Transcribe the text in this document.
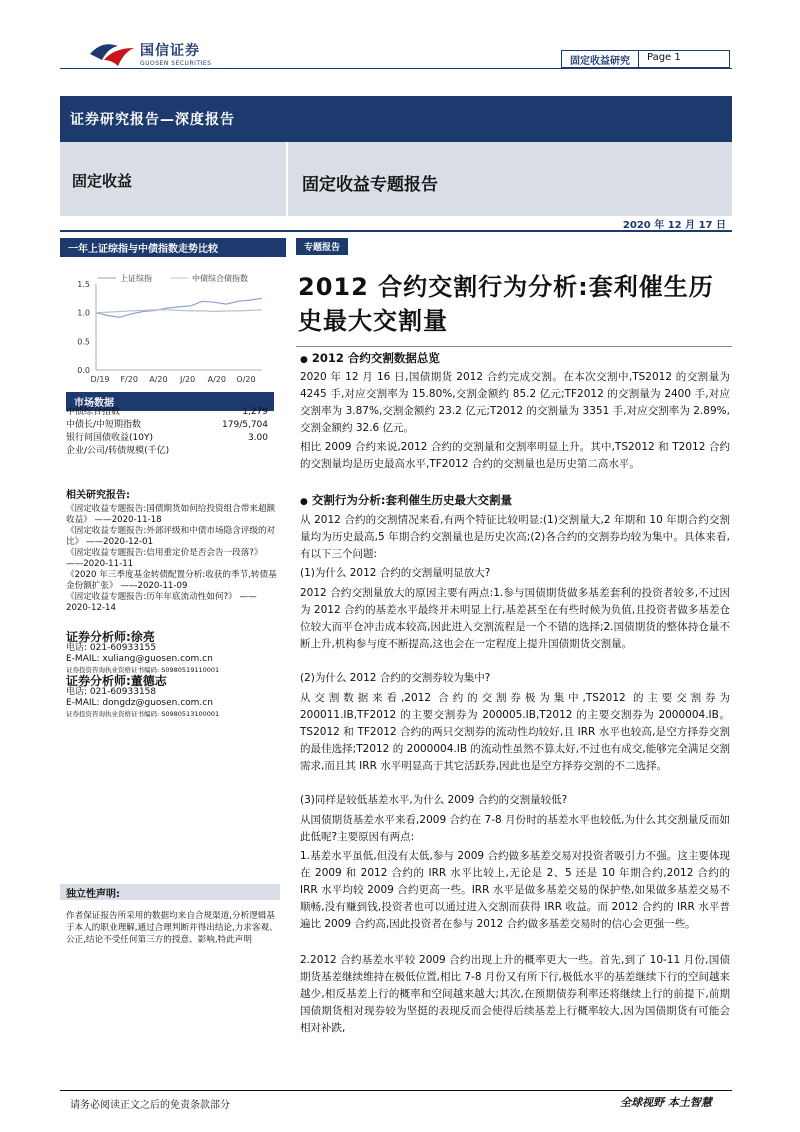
国信证券
GUOSEN SECURITIES	固定收益研究	Page 1
证券研究报告—深度报告
固定收益	固定收益专题报告
2020 年 12 月 17 日
一年上证综指与中债指数走势比较
上证综指	中债综合债指数
0.0
0.5
1.0
1.5
D/19 F/20 A/20 J/20 A/20 O/20
市场数据
中债综合指数	1,279
中债长/中短期指数	179/5,704
银行间国债收益(10Y)	3.00
企业/公司/转债规模(千亿)
相关研究报告:
《固定收益专题报告:国债期货如何给投资组合带来超额收益》 ——2020-11-18
《固定收益专题报告:外部评级和中债市场隐含评级的对比》 ——2020-12-01
《固定收益专题报告:信用重定价是否会告一段落?》 ——2020-11-11
《2020 年三季度基金转债配置分析:收获的季节,转债基金份额扩张》 ——2020-11-09
《固定收益专题报告:历年年底流动性如何?》 ——2020-12-14
证券分析师:徐亮
电话: 021-60933155
E-MAIL: xuliang@guosen.com.cn
证券投资咨询执业资格证书编码: S0980519110001
证券分析师:董德志
电话: 021-60933158
E-MAIL: dongdz@guosen.com.cn
证券投资咨询执业资格证书编码: S0980513100001
独立性声明:
作者保证报告所采用的数据均来自合规渠道,分析逻辑基于本人的职业理解,通过合理判断并得出结论,力求客观、公正,结论不受任何第三方的授意、影响,特此声明
专题报告
2012 合约交割行为分析:套利催生历史最大交割量
● 2012 合约交割数据总览
2020 年 12 月 16 日,国债期货 2012 合约完成交割。在本次交割中,TS2012 的交割量为 4245 手,对应交割率为 15.80%,交割金额约 85.2 亿元;TF2012 的交割量为 2400 手,对应交割率为 3.87%,交割金额约 23.2 亿元;T2012 的交割量为 3351 手,对应交割率为 2.89%,交割金额约 32.6 亿元。
相比 2009 合约来说,2012 合约的交割量和交割率明显上升。其中,TS2012 和 T2012 合约的交割量均是历史最高水平,TF2012 合约的交割量也是历史第二高水平。
● 交割行为分析:套利催生历史最大交割量
从 2012 合约的交割情况来看,有两个特征比较明显:(1)交割量大,2 年期和 10 年期合约交割量均为历史最高,5 年期合约交割量也是历史次高;(2)各合约的交割券均较为集中。具体来看,有以下三个问题:
(1)为什么 2012 合约的交割量明显放大?
2012 合约交割量放大的原因主要有两点:1.参与国债期货做多基差套利的投资者较多,不过因为 2012 合约的基差水平最终并未明显上行,基差甚至在有些时候为负值,且投资者做多基差仓位较大而平仓冲击成本较高,因此进入交割流程是一个不错的选择;2.国债期货的整体持仓量不断上升,机构参与度不断提高,这也会在一定程度上提升国债期货交割量。
(2)为什么 2012 合约的交割券较为集中?
从交割数据来看,2012 合约的交割券极为集中,TS2012 的主要交割券为 200011.IB,TF2012 的主要交割券为 200005.IB,T2012 的主要交割券为 2000004.IB。TS2012 和 TF2012 合约的两只交割券的流动性均较好,且 IRR 水平也较高,是空方择券交割的最佳选择;T2012 的 2000004.IB 的流动性虽然不算太好,不过也有成交,能够完全满足交割需求,而且其 IRR 水平明显高于其它活跃券,因此也是空方择券交割的不二选择。
(3)同样是较低基差水平,为什么 2009 合约的交割量较低?
从国债期货基差水平来看,2009 合约在 7-8 月份时的基差水平也较低,为什么其交割量反而如此低呢?主要原因有两点:
1.基差水平虽低,但没有太低,参与 2009 合约做多基差交易对投资者吸引力不强。这主要体现在 2009 和 2012 合约的 IRR 水平比较上,无论是 2、5 还是 10 年期合约,2012 合约的 IRR 水平均较 2009 合约更高一些。IRR 水平是做多基差交易的保护垫,如果做多基差交易不顺畅,没有赚到钱,投资者也可以通过进入交割而获得 IRR 收益。而 2012 合约的 IRR 水平普遍比 2009 合约高,因此投资者在参与 2012 合约做多基差交易时的信心会更强一些。
2.2012 合约基差水平较 2009 合约出现上升的概率更大一些。首先,到了 10-11 月份,国债期货基差继续维持在极低位置,相比 7-8 月份又有所下行,极低水平的基差继续下行的空间越来越少,相反基差上行的概率和空间越来越大;其次,在预期债券利率还将继续上行的前提下,前期国债期货相对现券较为坚挺的表现反而会使得后续基差上行概率较大,因为国债期货有可能会相对补跌,
请务必阅读正文之后的免责条款部分	全球视野 本土智慧
